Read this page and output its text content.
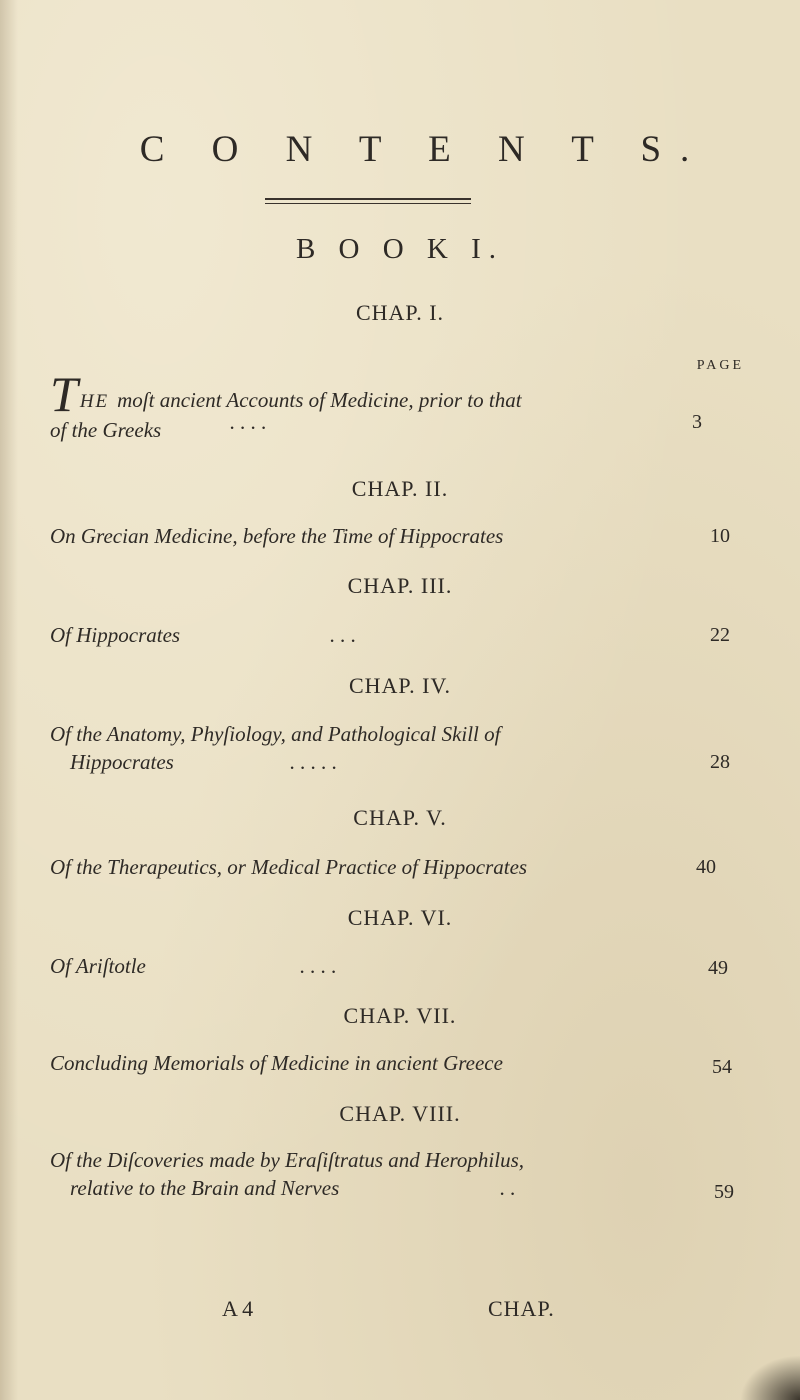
C O N T E N T S.
B O O K I.
CHAP. I.
PAGE
THE moſt ancient Accounts of Medicine, prior to that
of the Greeks	. . . .	3
CHAP. II.
On Grecian Medicine, before the Time of Hippocrates	10
CHAP. III.
Of Hippocrates	. . .	22
CHAP. IV.
Of the Anatomy, Phyſiology, and Pathological Skill of
Hippocrates	. . . . .	28
CHAP. V.
Of the Therapeutics, or Medical Practice of Hippocrates	40
CHAP. VI.
Of Ariſtotle	. . . .	49
CHAP. VII.
Concluding Memorials of Medicine in ancient Greece	54
CHAP. VIII.
Of the Diſcoveries made by Eraſiſtratus and Herophilus,
relative to the Brain and Nerves	. .	59
A 4	CHAP.
